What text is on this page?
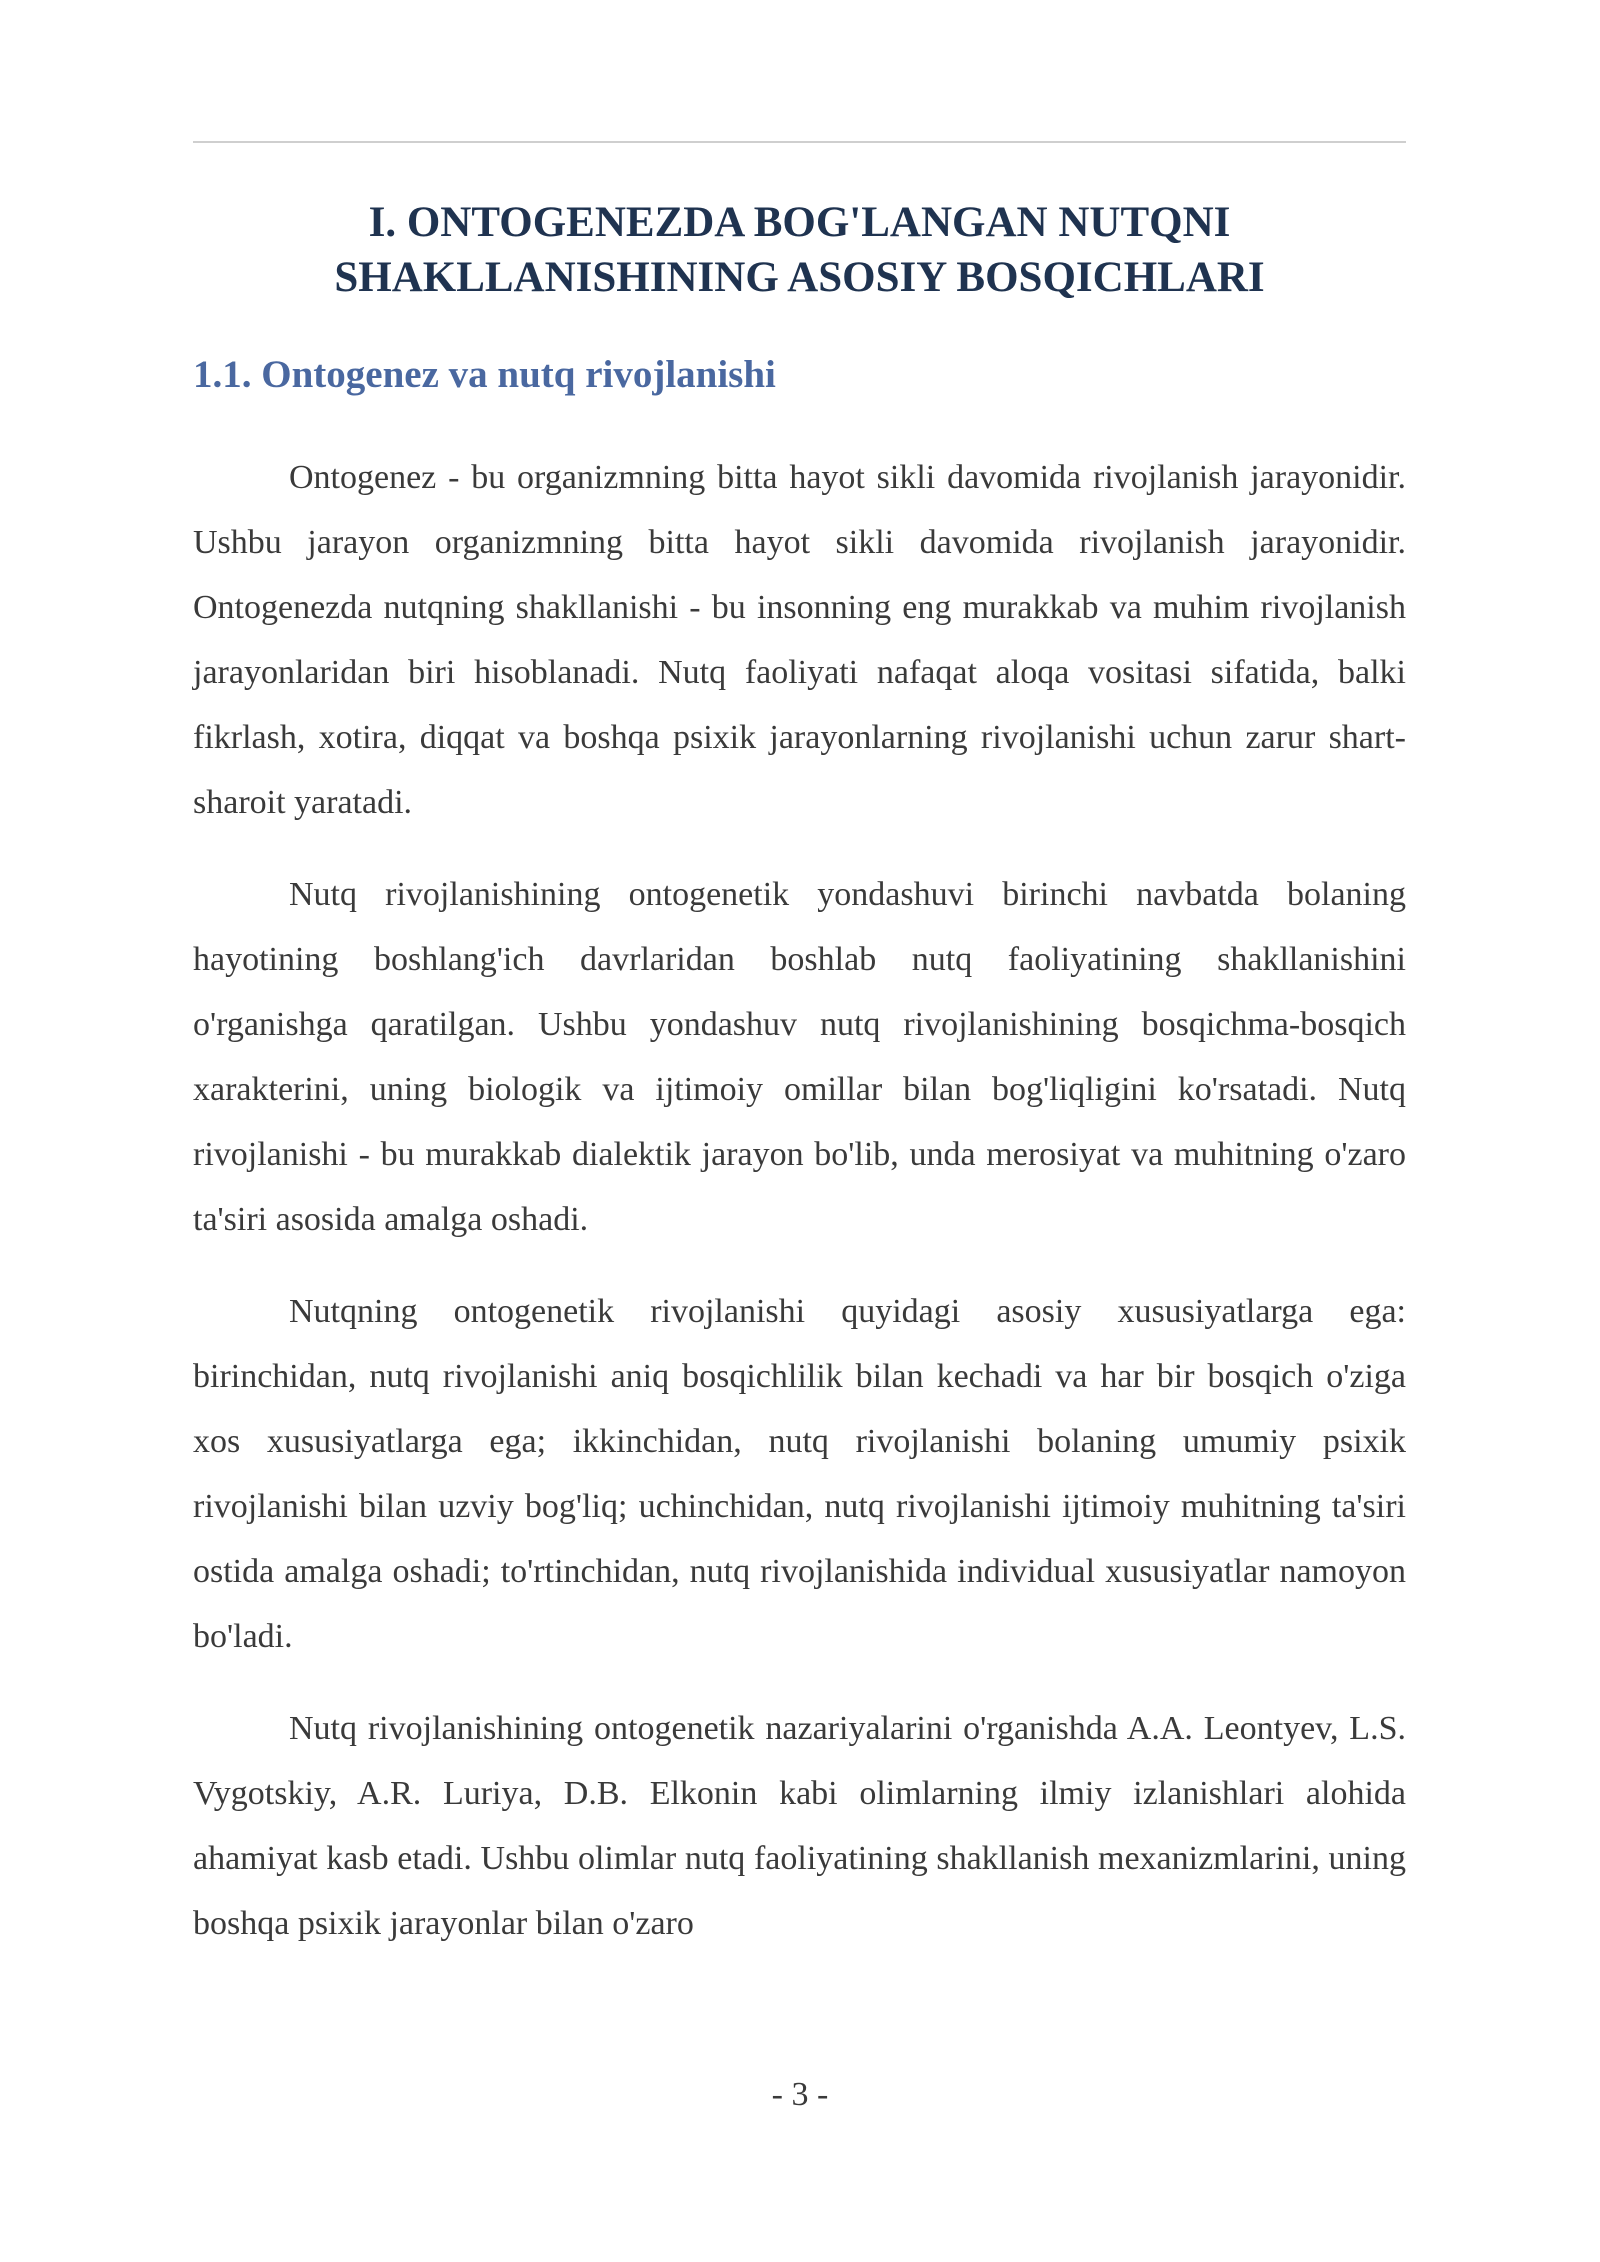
I. ONTOGENEZDA BOG'LANGAN NUTQNI
SHAKLLANISHINING ASOSIY BOSQICHLARI
1.1. Ontogenez va nutq rivojlanishi

Ontogenez - bu organizmning bitta hayot sikli davomida rivojlanish jarayonidir. Ushbu jarayon organizmning bitta hayot sikli davomida rivojlanish jarayonidir. Ontogenezda nutqning shakllanishi - bu insonning eng murakkab va muhim rivojlanish jarayonlaridan biri hisoblanadi. Nutq faoliyati nafaqat aloqa vositasi sifatida, balki fikrlash, xotira, diqqat va boshqa psixik jarayonlarning rivojlanishi uchun zarur shart-sharoit yaratadi.

Nutq rivojlanishining ontogenetik yondashuvi birinchi navbatda bolaning hayotining boshlang'ich davrlaridan boshlab nutq faoliyatining shakllanishini o'rganishga qaratilgan. Ushbu yondashuv nutq rivojlanishining bosqichma-bosqich xarakterini, uning biologik va ijtimoiy omillar bilan bog'liqligini ko'rsatadi. Nutq rivojlanishi - bu murakkab dialektik jarayon bo'lib, unda merosiyat va muhitning o'zaro ta'siri asosida amalga oshadi.

Nutqning ontogenetik rivojlanishi quyidagi asosiy xususiyatlarga ega: birinchidan, nutq rivojlanishi aniq bosqichlilik bilan kechadi va har bir bosqich o'ziga xos xususiyatlarga ega; ikkinchidan, nutq rivojlanishi bolaning umumiy psixik rivojlanishi bilan uzviy bog'liq; uchinchidan, nutq rivojlanishi ijtimoiy muhitning ta'siri ostida amalga oshadi; to'rtinchidan, nutq rivojlanishida individual xususiyatlar namoyon bo'ladi.

Nutq rivojlanishining ontogenetik nazariyalarini o'rganishda A.A. Leontyev, L.S. Vygotskiy, A.R. Luriya, D.B. Elkonin kabi olimlarning ilmiy izlanishlari alohida ahamiyat kasb etadi. Ushbu olimlar nutq faoliyatining shakllanish mexanizmlarini, uning boshqa psixik jarayonlar bilan o'zaro

- 3 -
